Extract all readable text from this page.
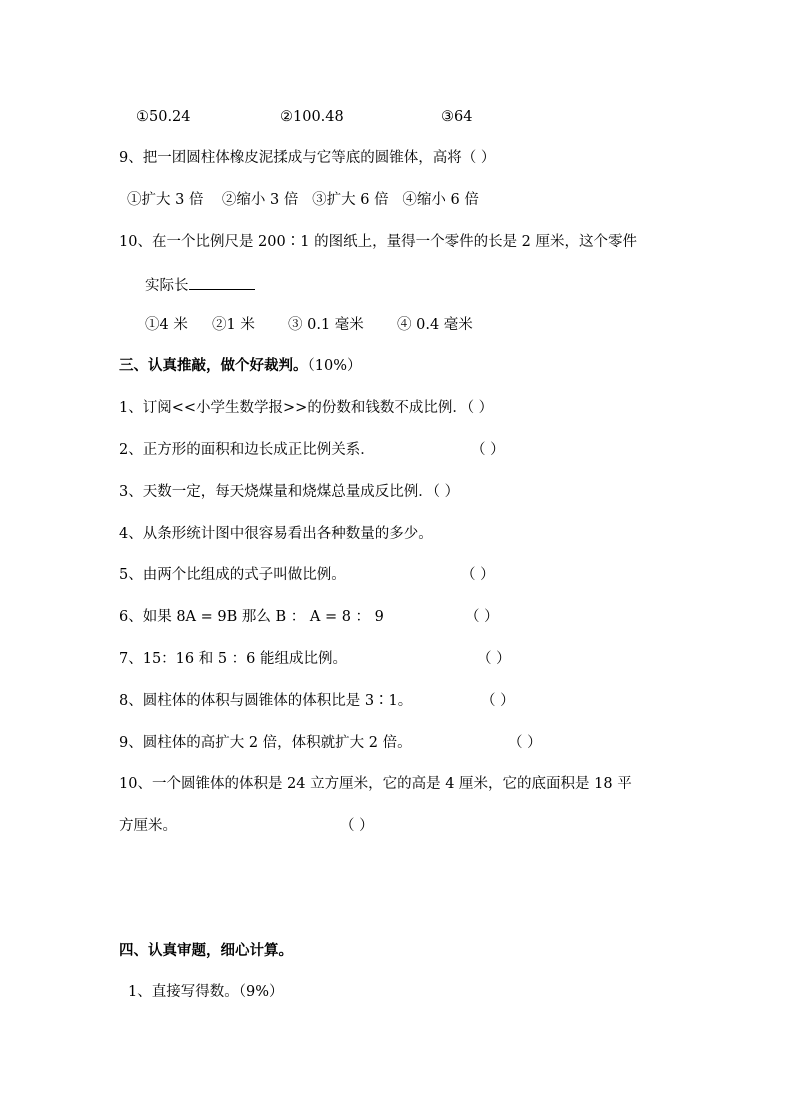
①50.24	②100.48	③64
9、把一团圆柱体橡皮泥揉成与它等底的圆锥体，高将（ ）
①扩大 3 倍    ②缩小 3 倍   ③扩大 6 倍   ④缩小 6 倍
10、在一个比例尺是 200∶1 的图纸上，量得一个零件的长是 2 厘米，这个零件
实际长
①4 米 ②1 米 ③ 0.1 毫米 ④ 0.4 毫米
三、认真推敲，做个好裁判。（10%）
1、订阅<<小学生数学报>>的份数和钱数不成比例．（ ）
2、正方形的面积和边长成正比例关系．	（ ）
3、天数一定，每天烧煤量和烧煤总量成反比例．（ ）
4、从条形统计图中很容易看出各种数量的多少。
5、由两个比组成的式子叫做比例。	（ ）
6、如果 8A = 9B 那么 B ： A = 8 ： 9	（ ）
7、15：16 和 5 ：6 能组成比例。	（ ）
8、圆柱体的体积与圆锥体的体积比是 3∶1。	（ ）
9、圆柱体的高扩大 2 倍，体积就扩大 2 倍。	（ ）
10、一个圆锥体的体积是 24 立方厘米，它的高是 4 厘米，它的底面积是 18 平
方厘米。	（ ）
四、认真审题，细心计算。
1、直接写得数。（9%）
